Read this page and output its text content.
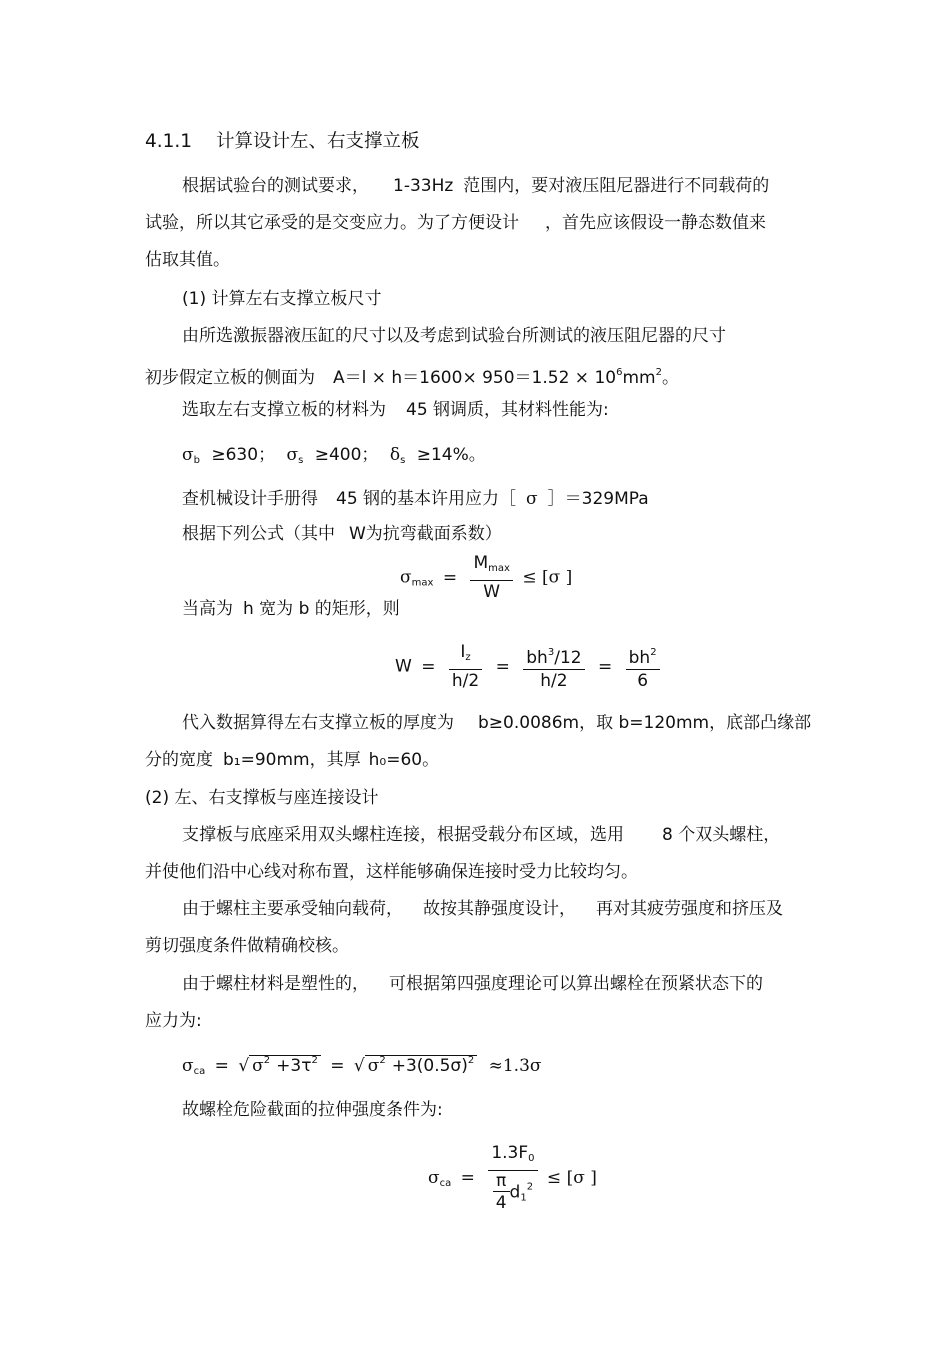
4.1.1 计算设计左、右支撑立板
根据试验台的测试要求， 1-33Hz 范围内，要对液压阻尼器进行不同载荷的
试验，所以其它承受的是交变应力。为了方便设计 ，首先应该假设一静态数值来
估取其值。
(1) 计算左右支撑立板尺寸
由所选激振器液压缸的尺寸以及考虑到试验台所测试的液压阻尼器的尺寸
初步假定立板的侧面为 $A=l \times h=1600\times 950=1.52 \times 10^6mm^2$。
选取左右支撑立板的材料为 45 钢调质，其材料性能为:
$\sigma_b \ge 630$； $\sigma_s \ge 400$； $\delta_s \ge 14\%$。
查机械设计手册得 45 钢的基本许用应力［ σ ］＝329MPa
根据下列公式（其中 W为抗弯截面系数）
$\sigma_{max} = \frac{M_{max}}{W} \le [\sigma$ ]
当高为 h 宽为 b 的矩形，则
$W = \frac{I_z}{h/2} = \frac{bh^3/12}{h/2} = \frac{bh^2}{6}$
代入数据算得左右支撑立板的厚度为 b≥0.0086m，取 b=120mm，底部凸缘部
分的宽度 b₁=90mm，其厚 h₀=60。
(2) 左、右支撑板与座连接设计
支撑板与底座采用双头螺柱连接，根据受载分布区域，选用 8 个双头螺柱，
并使他们沿中心线对称布置，这样能够确保连接时受力比较均匀。
由于螺柱主要承受轴向载荷， 故按其静强度设计， 再对其疲劳强度和挤压及
剪切强度条件做精确校核。
由于螺柱材料是塑性的， 可根据第四强度理论可以算出螺栓在预紧状态下的
应力为:
$\sigma_{ca}$ = √ $\sigma^2 +3\tau^2$ = √ $\sigma^2 +3(0.5\sigma)^2 \approx 1.3\sigma$
故螺栓危险截面的拉伸强度条件为:
$\sigma_{ca} = \frac{1.3F_0}{\frac{\pi}{4} d_1^2} \le [\sigma$ ]
